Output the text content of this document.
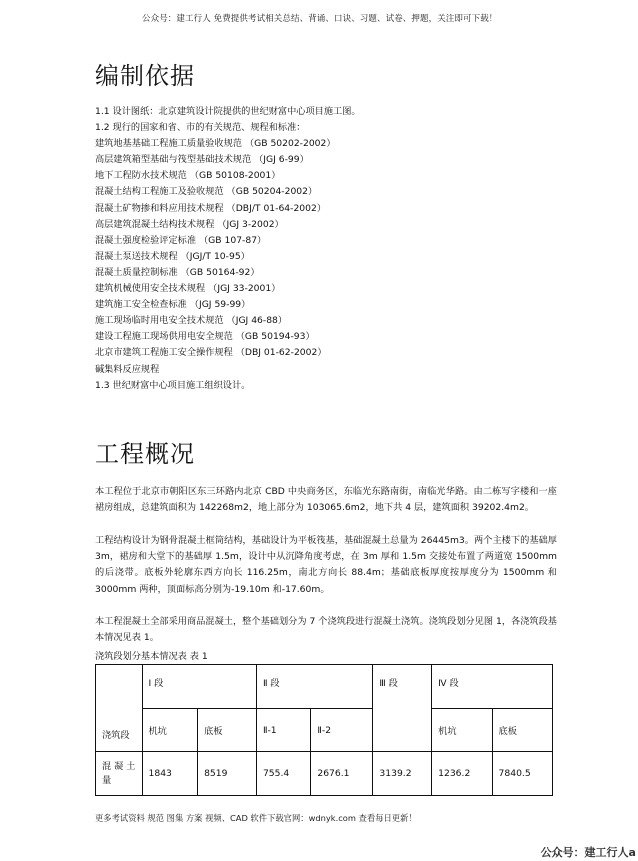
公众号：建工行人 免费提供考试相关总结、背诵、口诀、习题、试卷、押题，关注即可下载！
编制依据
1.1 设计图纸：北京建筑设计院提供的世纪财富中心项目施工图。
1.2 现行的国家和省、市的有关规范、规程和标准：
建筑地基基础工程施工质量验收规范 （GB 50202-2002）
高层建筑箱型基础与筏型基础技术规范 （JGJ 6-99）
地下工程防水技术规范 （GB 50108-2001）
混凝土结构工程施工及验收规范 （GB 50204-2002）
混凝土矿物掺和料应用技术规程 （DBJ/T 01-64-2002）
高层建筑混凝土结构技术规程 （JGJ 3-2002）
混凝土强度检验评定标准 （GB 107-87）
混凝土泵送技术规程 （JGJ/T 10-95）
混凝土质量控制标准 （GB 50164-92）
建筑机械使用安全技术规程 （JGJ 33-2001）
建筑施工安全检查标准 （JGJ 59-99）
施工现场临时用电安全技术规范 （JGJ 46-88）
建设工程施工现场供用电安全规范 （GB 50194-93）
北京市建筑工程施工安全操作规程 （DBJ 01-62-2002）
碱集料反应规程
1.3 世纪财富中心项目施工组织设计。
工程概况

本工程位于北京市朝阳区东三环路内北京 CBD 中央商务区，东临光东路南街，南临光华路。由二栋写字楼和一座裙房组成，总建筑面积为 142268m2，地上部分为 103065.6m2，地下共 4 层，建筑面积 39202.4m2。

工程结构设计为钢骨混凝土框筒结构，基础设计为平板筏基，基础混凝土总量为 26445m3。两个主楼下的基础厚 3m，裙房和大堂下的基础厚 1.5m，设计中从沉降角度考虑，在 3m 厚和 1.5m 交接处布置了两道宽 1500mm 的后浇带。底板外轮廓东西方向长 116.25m，南北方向长 88.4m；基础底板厚度按厚度分为 1500mm 和 3000mm 两种，顶面标高分别为-19.10m 和-17.60m。

本工程混凝土全部采用商品混凝土，整个基础划分为 7 个浇筑段进行混凝土浇筑。浇筑段划分见图 1，各浇筑段基本情况见表 1。

浇筑段划分基本情况表 表 1
浇筑段	Ⅰ 段		Ⅱ 段		Ⅲ 段	Ⅳ 段	
	机坑	底板	Ⅱ-1	Ⅱ-2		机坑	底板
混 凝 土 量	1843	8519	755.4	2676.1	3139.2	1236.2	7840.5
更多考试资料 规范 图集 方案 视频、CAD 软件下载官网：wdnyk.com 查看每日更新！
公众号：建工行人a
